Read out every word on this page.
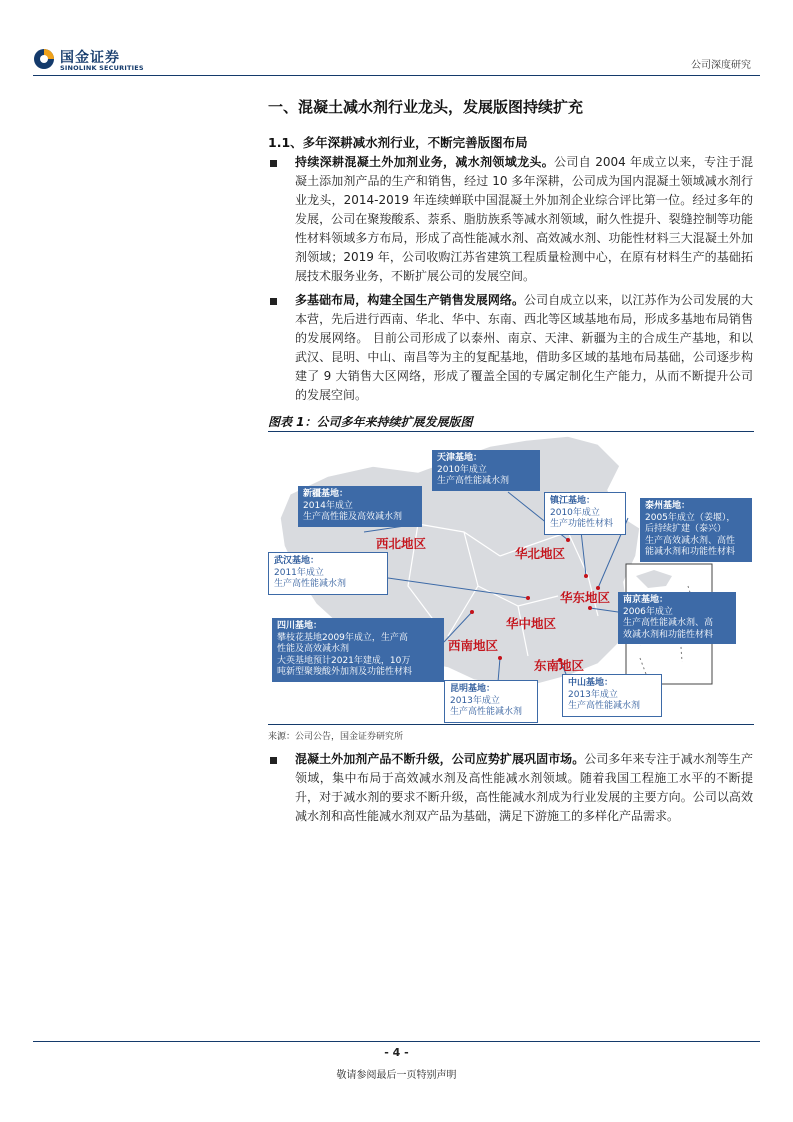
国金证券
SINOLINK SECURITIES	公司深度研究
一、混凝土减水剂行业龙头，发展版图持续扩充
1.1、多年深耕减水剂行业，不断完善版图布局
持续深耕混凝土外加剂业务，减水剂领域龙头。公司自 2004 年成立以来，专注于混凝土添加剂产品的生产和销售，经过 10 多年深耕，公司成为国内混凝土领域减水剂行业龙头，2014-2019 年连续蝉联中国混凝土外加剂企业综合评比第一位。经过多年的发展，公司在聚羧酸系、萘系、脂肪族系等减水剂领域，耐久性提升、裂缝控制等功能性材料领域多方布局，形成了高性能减水剂、高效减水剂、功能性材料三大混凝土外加剂领域；2019 年，公司收购江苏省建筑工程质量检测中心，在原有材料生产的基础拓展技术服务业务，不断扩展公司的发展空间。
多基础布局，构建全国生产销售发展网络。公司自成立以来，以江苏作为公司发展的大本营，先后进行西南、华北、华中、东南、西北等区域基地布局，形成多基地布局销售的发展网络。 目前公司形成了以泰州、南京、天津、新疆为主的合成生产基地，和以武汉、昆明、中山、南昌等为主的复配基地，借助多区域的基地布局基础，公司逐步构建了 9 大销售大区网络，形成了覆盖全国的专属定制化生产能力，从而不断提升公司的发展空间。
图表 1：公司多年来持续扩展发展版图
西北地区
华北地区
华东地区
华中地区
西南地区
东南地区
天津基地：
2010年成立
生产高性能减水剂
新疆基地：
2014年成立
生产高性能及高效减水剂
镇江基地：
2010年成立
生产功能性材料
泰州基地：
2005年成立（姜堰），
后持续扩建（泰兴）
生产高效减水剂、高性
能减水剂和功能性材料
武汉基地：
2011年成立
生产高性能减水剂
四川基地：
攀枝花基地2009年成立，生产高
性能及高效减水剂
大英基地预计2021年建成，10万
吨新型聚羧酸外加剂及功能性材料
南京基地：
2006年成立
生产高性能减水剂、高
效减水剂和功能性材料
昆明基地：
2013年成立
生产高性能减水剂
中山基地：
2013年成立
生产高性能减水剂
来源：公司公告，国金证券研究所
混凝土外加剂产品不断升级，公司应势扩展巩固市场。公司多年来专注于减水剂等生产领域，集中布局于高效减水剂及高性能减水剂领域。随着我国工程施工水平的不断提升，对于减水剂的要求不断升级，高性能减水剂成为行业发展的主要方向。公司以高效减水剂和高性能减水剂双产品为基础，满足下游施工的多样化产品需求。
- 4 -
敬请参阅最后一页特别声明
